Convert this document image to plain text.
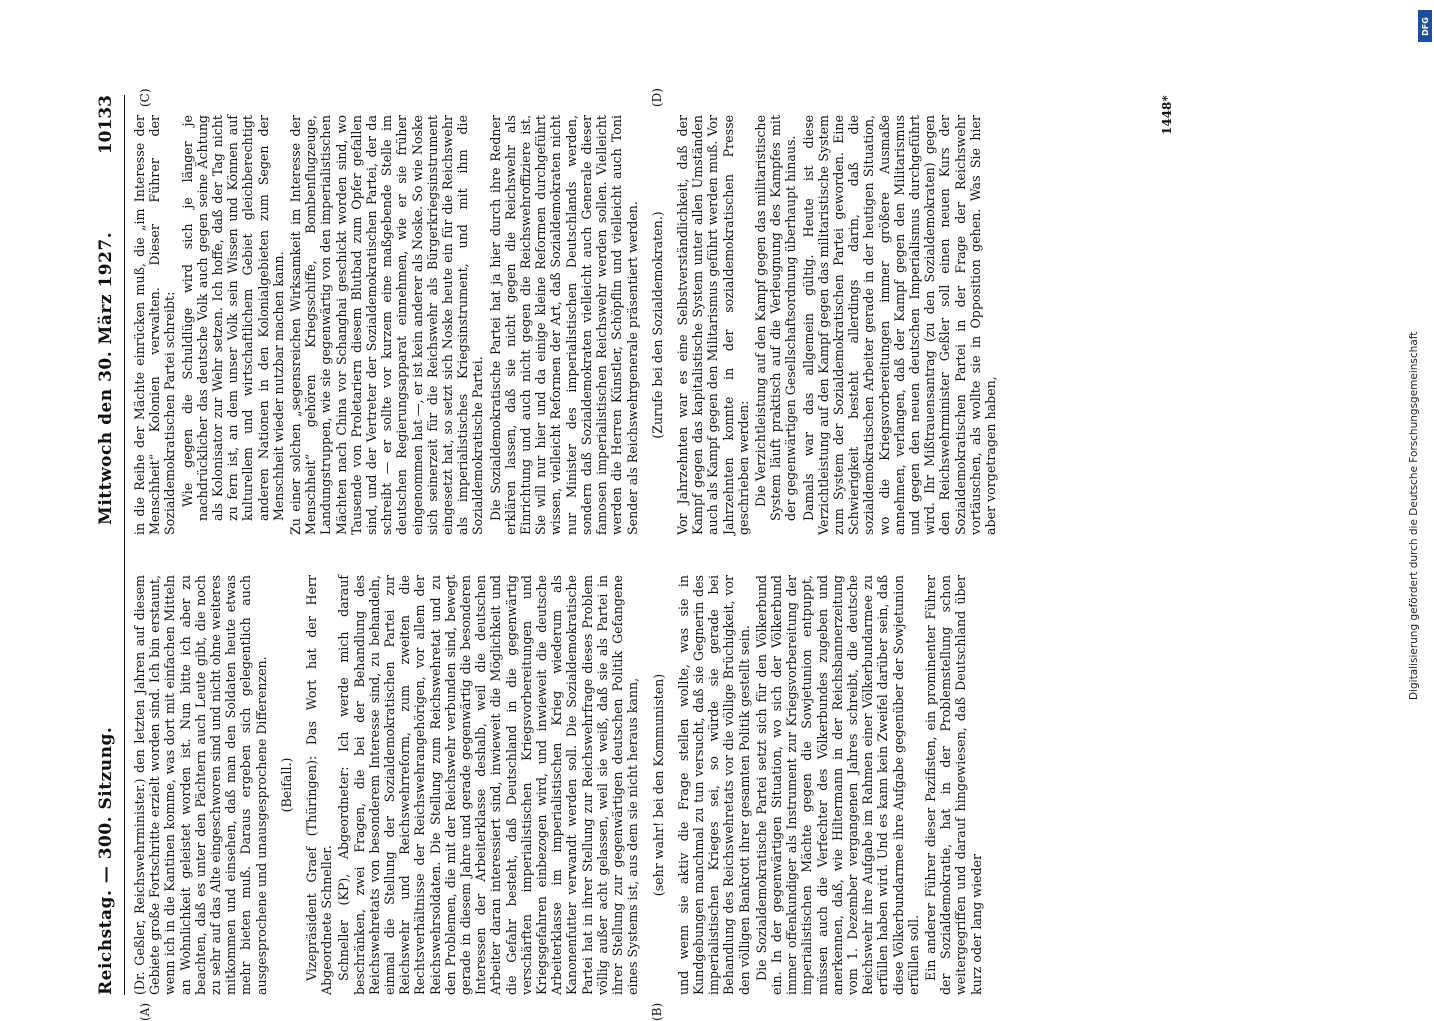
Reichstag. — 300. Sitzung.
Mittwoch den 30. März 1927.
10133

(Dr. Geßler, Reichswehrminister.) den letzten Jahren auf diesem Gebiete große Fortschritte erzielt worden sind. Ich bin erstaunt, wenn ich in die Kantinen komme, was dort mit einfachen Mitteln an Wohnlichkeit geleistet worden ist. Nun bitte ich aber zu beachten, daß es unter den Pächtern auch Leute gibt, die noch zu sehr auf das Alte eingeschworen sind und nicht ohne weiteres mitkommen und einsehen, daß man den Soldaten heute etwas mehr bieten muß. Daraus ergeben sich gelegentlich auch ausgesprochene und unausgesprochene Differenzen. (Beifall.) Vizepräsident Graef (Thüringen): Das Wort hat der Herr Abgeordnete Schneller. Schneller (KP), Abgeordneter: Ich werde mich darauf beschränken, zwei Fragen, die bei der Behandlung des Reichswehretats von besonderem Interesse sind, zu behandeln, einmal die Stellung der Sozialdemokratischen Partei zur Reichswehr und Reichswehrreform, zum zweiten die Rechtsverhältnisse der Reichswehrangehörigen, vor allem der Reichswehrsoldaten. Die Stellung zum Reichswehretat und zu den Problemen, die mit der Reichswehr verbunden sind, bewegt gerade in diesem Jahre und gerade gegenwärtig die besonderen Interessen der Arbeiterklasse deshalb, weil die deutschen Arbeiter daran interessiert sind, inwieweit die Möglichkeit und die Gefahr besteht, daß Deutschland in die gegenwärtig verschärften imperialistischen Kriegsvorbereitungen und Kriegsgefahren einbezogen wird, und inwieweit die deutsche Arbeiterklasse im imperialistischen Krieg wiederum als Kanonenfutter verwandt werden soll. Die Sozialdemokratische Partei hat in ihrer Stellung zur Reichswehrfrage dieses Problem völlig außer acht gelassen, weil sie weiß, daß sie als Partei in ihrer Stellung zur gegenwärtigen deutschen Politik Gefangene eines Systems ist, aus dem sie nicht heraus kann, (sehr wahr! bei den Kommunisten) und wenn sie aktiv die Frage stellen wollte, was sie in Kundgebungen manchmal zu tun versucht, daß sie Gegnerin des imperialistischen Krieges sei, so würde sie gerade bei Behandlung des Reichswehretats vor die völlige Brüchigkeit, vor den völligen Bankrott ihrer gesamten Politik gestellt sein. Die Sozialdemokratische Partei setzt sich für den Völkerbund ein. In der gegenwärtigen Situation, wo sich der Völkerbund immer offenkundiger als Instrument zur Kriegsvorbereitung der imperialistischen Mächte gegen die Sowjetunion entpuppt, müssen auch die Verfechter des Völkerbundes zugeben und anerkennen, daß, wie Hiltermann in der Reichsbannerzeitung vom 1. Dezember vergangenen Jahres schreibt, die deutsche Reichswehr ihre Aufgabe im Rahmen einer Völkerbundarmee zu erfüllen haben wird. Und es kann kein Zweifel darüber sein, daß diese Völkerbundarmee ihre Aufgabe gegenüber der Sowjetunion erfüllen soll. Ein anderer Führer dieser Pazifisten, ein prominenter Führer der Sozialdemokratie, hat in der Problemstellung schon weitergegriffen und darauf hingewiesen, daß Deutschland über kurz oder lang wieder

in die Reihe der Mächte einrücken muß, die „im Interesse der Menschheit“ Kolonien verwalten. Dieser Führer der Sozialdemokratischen Partei schreibt: Wie gegen die Schuldlüge wird sich je länger je nachdrücklicher das deutsche Volk auch gegen seine Ächtung als Kolonisator zur Wehr setzen. Ich hoffe, daß der Tag nicht zu fern ist, an dem unser Volk sein Wissen und Können auf kulturellem und wirtschaftlichem Gebiet gleichberechtigt anderen Nationen in den Kolonialgebieten zum Segen der Menschheit wieder nutzbar machen kann. Zu einer solchen „segensreichen Wirksamkeit im Interesse der Menschheit“ gehören Kriegsschiffe, Bombenflugzeuge, Landungstruppen, wie sie gegenwärtig von den imperialistischen Mächten nach China vor Schanghai geschickt worden sind, wo Tausende von Proletariern diesem Blutbad zum Opfer gefallen sind, und der Vertreter der Sozialdemokratischen Partei, der da schreibt — er sollte vor kurzem eine maßgebende Stelle im deutschen Regierungsapparat einnehmen, wie er sie früher eingenommen hat —, er ist kein anderer als Noske. So wie Noske sich seinerzeit für die Reichswehr als Bürgerkriegsinstrument eingesetzt hat, so setzt sich Noske heute ein für die Reichswehr als imperialistisches Kriegsinstrument, und mit ihm die Sozialdemokratische Partei. Die Sozialdemokratische Partei hat ja hier durch ihre Redner erklären lassen, daß sie nicht gegen die Reichswehr als Einrichtung und auch nicht gegen die Reichswehroffiziere ist. Sie will nur hier und da einige kleine Reformen durchgeführt wissen, vielleicht Reformen der Art, daß Sozialdemokraten nicht nur Minister des imperialistischen Deutschlands werden, sondern daß Sozialdemokraten vielleicht auch Generale dieser famosen imperialistischen Reichswehr werden sollen. Vielleicht werden die Herren Künstler, Schöpflin und vielleicht auch Toni Sender als Reichswehrgenerale präsentiert werden. (Zurufe bei den Sozialdemokraten.) Vor Jahrzehnten war es eine Selbstverständlichkeit, daß der Kampf gegen das kapitalistische System unter allen Umständen auch als Kampf gegen den Militarismus geführt werden muß. Vor Jahrzehnten konnte in der sozialdemokratischen Presse geschrieben werden: Die Verzichtleistung auf den Kampf gegen das militaristische System läuft praktisch auf die Verleugnung des Kampfes mit der gegenwärtigen Gesellschaftsordnung überhaupt hinaus. Damals war das allgemein gültig. Heute ist diese Verzichtleistung auf den Kampf gegen das militaristische System zum System der Sozialdemokratischen Partei geworden. Eine Schwierigkeit besteht allerdings darin, daß die sozialdemokratischen Arbeiter gerade in der heutigen Situation, wo die Kriegsvorbereitungen immer größere Ausmaße annehmen, verlangen, daß der Kampf gegen den Militarismus und gegen den neuen deutschen Imperialismus durchgeführt wird. Ihr Mißtrauensantrag (zu den Sozialdemokraten) gegen den Reichswehrminister Geßler soll einen neuen Kurs der Sozialdemokratischen Partei in der Frage der Reichswehr vortäuschen, als wollte sie in Opposition gehen. Was Sie hier aber vorgetragen haben,

(A)	(B)
(C)	(D)	1448*
Digitalisierung gefördert durch die Deutsche Forschungsgemeinschaft
DFG
